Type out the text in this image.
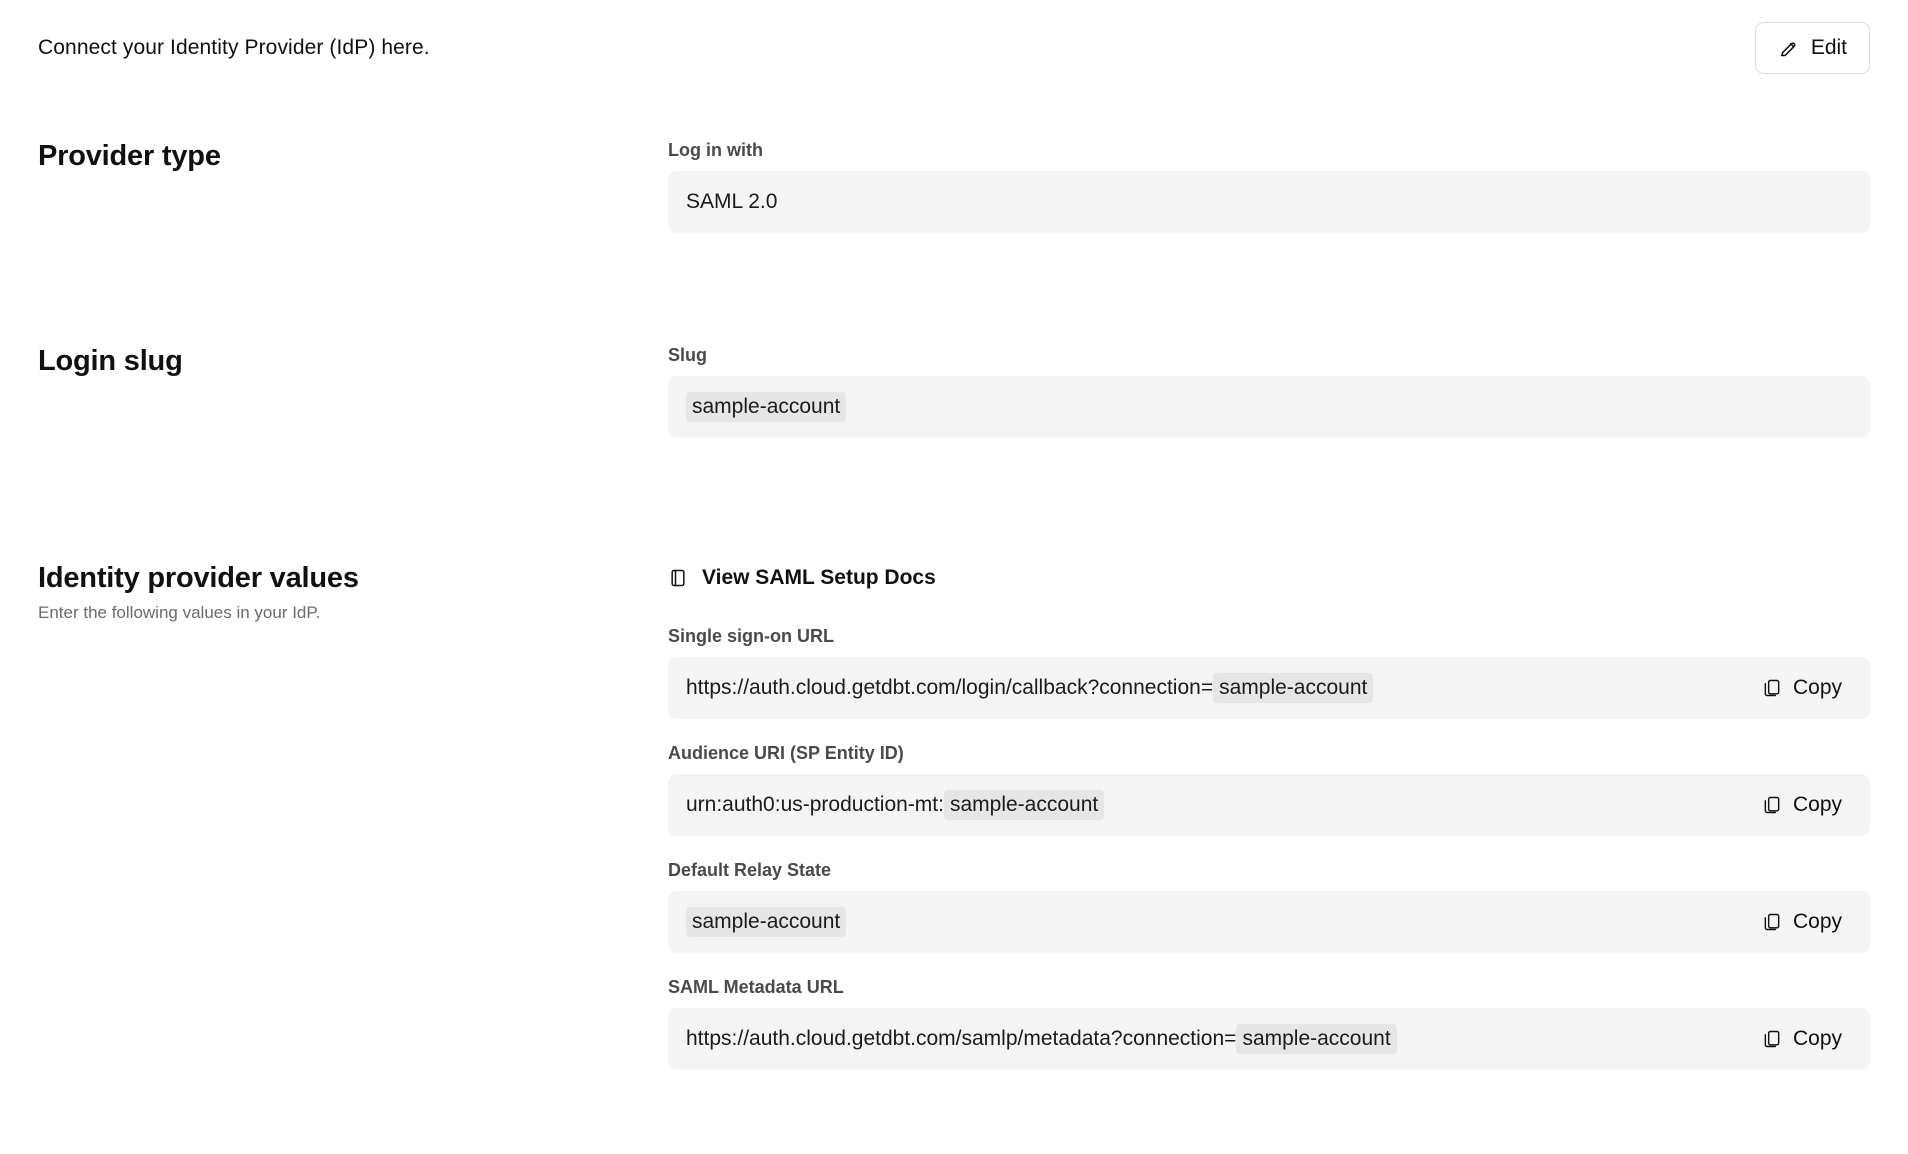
Connect your Identity Provider (IdP) here.	Edit
Provider type	Log in with
SAML 2.0
Login slug	Slug
sample-account
Identity provider values

Enter the following values in your IdP.

View SAML Setup Docs
Single sign-on URL
https://auth.cloud.getdbt.com/login/callback?connection= sample-account	Copy
Audience URI (SP Entity ID)
urn:auth0:us-production-mt: sample-account	Copy
Default Relay State
sample-account	Copy
SAML Metadata URL
https://auth.cloud.getdbt.com/samlp/metadata?connection= sample-account	Copy
